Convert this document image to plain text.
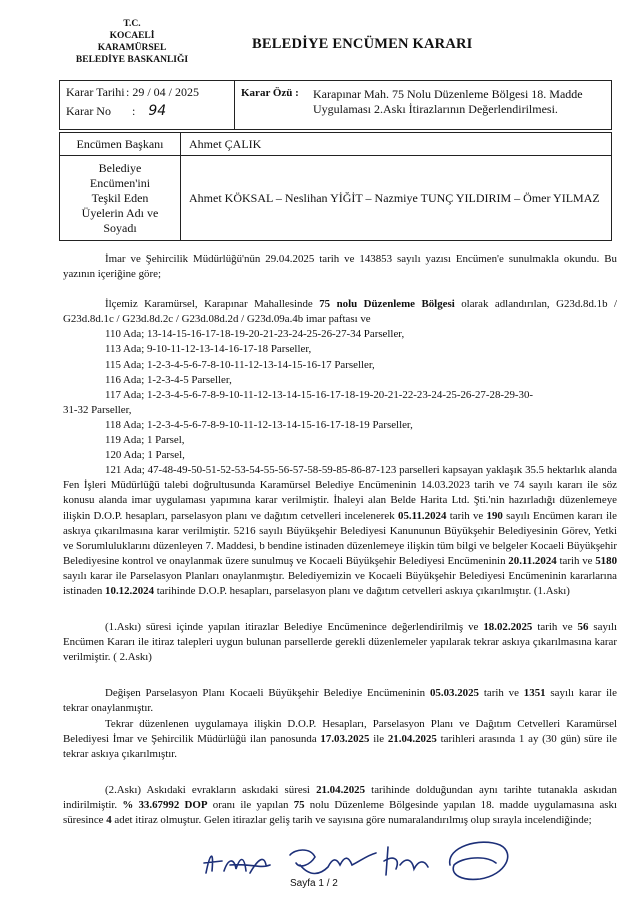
T.C.
KOCAELİ
KARAMÜRSEL
BELEDİYE BASKANLIĞI
BELEDİYE ENCÜMEN KARARI
Karar Tarihi: 29 / 04 / 2025
Karar No : 94

Karar Özü :	Karapınar Mah. 75 Nolu Düzenleme Bölgesi 18. Madde Uygulaması 2.Askı İtirazlarının Değerlendirilmesi.
Encümen Başkanı	Ahmet ÇALIK
Belediye Encümen'ini Teşkil Eden Üyelerin Adı ve Soyadı	Ahmet KÖKSAL – Neslihan YİĞİT – Nazmiye TUNÇ YILDIRIM – Ömer YILMAZ

İmar ve Şehircilik Müdürlüğü'nün 29.04.2025 tarih ve 143853 sayılı yazısı Encümen'e sunulmakla okundu. Bu yazının içeriğine göre;

İlçemiz Karamürsel, Karapınar Mahallesinde 75 nolu Düzenleme Bölgesi olarak adlandırılan, G23d.8d.1b / G23d.8d.1c / G23d.8d.2c / G23d.08d.2d / G23d.09a.4b imar paftası ve

110 Ada; 13-14-15-16-17-18-19-20-21-23-24-25-26-27-34 Parseller,

113 Ada; 9-10-11-12-13-14-16-17-18 Parseller,

115 Ada; 1-2-3-4-5-6-7-8-10-11-12-13-14-15-16-17 Parseller,

116 Ada; 1-2-3-4-5 Parseller,

117 Ada; 1-2-3-4-5-6-7-8-9-10-11-12-13-14-15-16-17-18-19-20-21-22-23-24-25-26-27-28-29-30-

31-32 Parseller,

118 Ada; 1-2-3-4-5-6-7-8-9-10-11-12-13-14-15-16-17-18-19 Parseller,

119 Ada; 1 Parsel,

120 Ada; 1 Parsel,

121 Ada; 47-48-49-50-51-52-53-54-55-56-57-58-59-85-86-87-123 parselleri kapsayan yaklaşık 35.5 hektarlık alanda Fen İşleri Müdürlüğü talebi doğrultusunda Karamürsel Belediye Encümeninin 14.03.2023 tarih ve 74 sayılı kararı ile söz konusu alanda imar uygulaması yapımına karar verilmiştir. İhaleyi alan Belde Harita Ltd. Şti.'nin hazırladığı düzenlemeye ilişkin D.O.P. hesapları, parselasyon planı ve dağıtım cetvelleri incelenerek 05.11.2024 tarih ve 190 sayılı Encümen kararı ile askıya çıkarılmasına karar verilmiştir. 5216 sayılı Büyükşehir Belediyesi Kanununun Büyükşehir Belediyesinin Görev, Yetki ve Sorumluluklarını düzenleyen 7. Maddesi, b bendine istinaden düzenlemeye ilişkin tüm bilgi ve belgeler Kocaeli Büyükşehir Belediyesine kontrol ve onaylanmak üzere sunulmuş ve Kocaeli Büyükşehir Belediyesi Encümeninin 20.11.2024 tarih ve 5180 sayılı karar ile Parselasyon Planları onaylanmıştır. Belediyemizin ve Kocaeli Büyükşehir Belediyesi Encümeninin kararlarına istinaden 10.12.2024 tarihinde D.O.P. hesapları, parselasyon planı ve dağıtım cetvelleri askıya çıkarılmıştır. (1.Askı)

(1.Askı) süresi içinde yapılan itirazlar Belediye Encümenince değerlendirilmiş ve 18.02.2025 tarih ve 56 sayılı Encümen Kararı ile itiraz talepleri uygun bulunan parsellerde gerekli düzenlemeler yapılarak tekrar askıya çıkarılmasına karar verilmiştir. ( 2.Askı)

Değişen Parselasyon Planı Kocaeli Büyükşehir Belediye Encümeninin 05.03.2025 tarih ve 1351 sayılı karar ile tekrar onaylanmıştır.

Tekrar düzenlenen uygulamaya ilişkin D.O.P. Hesapları, Parselasyon Planı ve Dağıtım Cetvelleri Karamürsel Belediyesi İmar ve Şehircilik Müdürlüğü ilan panosunda 17.03.2025 ile 21.04.2025 tarihleri arasında 1 ay (30 gün) süre ile tekrar askıya çıkarılmıştır.

(2.Askı) Askıdaki evrakların askıdaki süresi 21.04.2025 tarihinde dolduğundan aynı tarihte tutanakla askıdan indirilmiştir. % 33.67992 DOP oranı ile yapılan 75 nolu Düzenleme Bölgesinde yapılan 18. madde uygulamasına askı süresince 4 adet itiraz olmuştur. Gelen itirazlar geliş tarih ve sayısına göre numaralandırılmış olup sırayla incelendiğinde;

Sayfa 1 / 2
